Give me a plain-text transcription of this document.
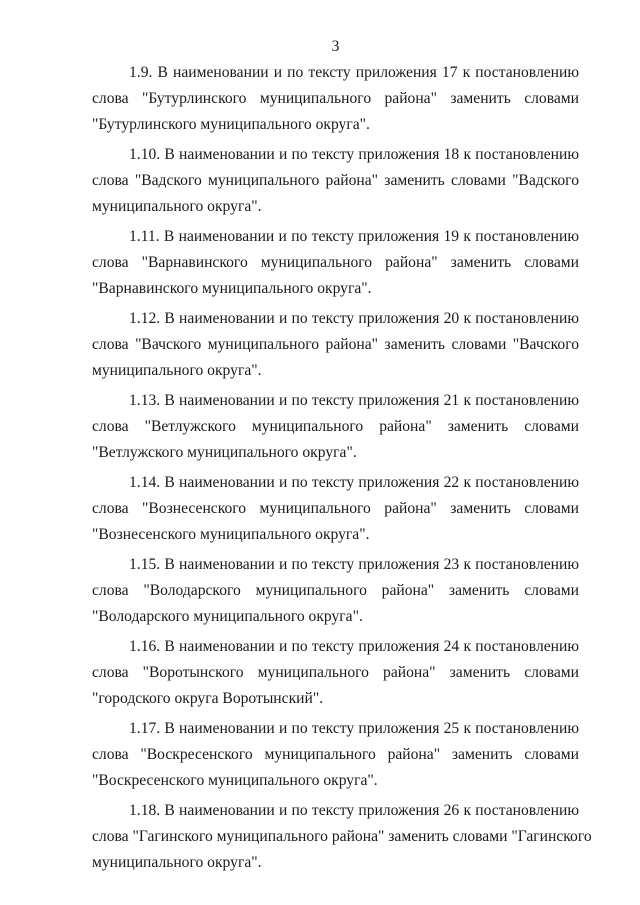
3
1.9. В наименовании и по тексту приложения 17 к постановлению
слова "Бутурлинского муниципального района" заменить словами
"Бутурлинского муниципального округа".
1.10. В наименовании и по тексту приложения 18 к постановлению
слова "Вадского муниципального района" заменить словами "Вадского
муниципального округа".
1.11. В наименовании и по тексту приложения 19 к постановлению
слова "Варнавинского муниципального района" заменить словами
"Варнавинского муниципального округа".
1.12. В наименовании и по тексту приложения 20 к постановлению
слова "Вачского муниципального района" заменить словами "Вачского
муниципального округа".
1.13. В наименовании и по тексту приложения 21 к постановлению
слова "Ветлужского муниципального района" заменить словами
"Ветлужского муниципального округа".
1.14. В наименовании и по тексту приложения 22 к постановлению
слова "Вознесенского муниципального района" заменить словами
"Вознесенского муниципального округа".
1.15. В наименовании и по тексту приложения 23 к постановлению
слова "Володарского муниципального района" заменить словами
"Володарского муниципального округа".
1.16. В наименовании и по тексту приложения 24 к постановлению
слова "Воротынского муниципального района" заменить словами
"городского округа Воротынский".
1.17. В наименовании и по тексту приложения 25 к постановлению
слова "Воскресенского муниципального района" заменить словами
"Воскресенского муниципального округа".
1.18. В наименовании и по тексту приложения 26 к постановлению
слова "Гагинского муниципального района" заменить словами "Гагинского
муниципального округа".
